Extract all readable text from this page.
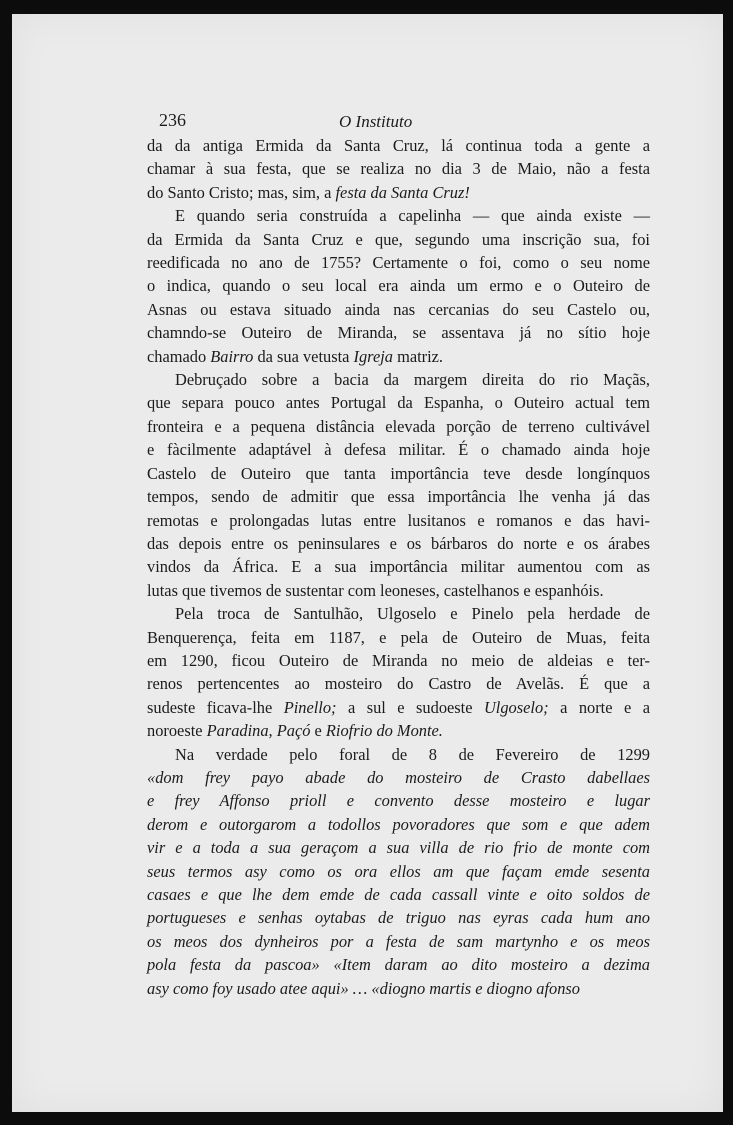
236	O Instituto

da da antiga Ermida da Santa Cruz, lá continua toda a gente a

chamar à sua festa, que se realiza no dia 3 de Maio, não a festa

do Santo Cristo; mas, sim, a festa da Santa Cruz!

E quando seria construída a capelinha — que ainda existe —

da Ermida da Santa Cruz e que, segundo uma inscrição sua, foi

reedificada no ano de 1755? Certamente o foi, como o seu nome

o indica, quando o seu local era ainda um ermo e o Outeiro de

Asnas ou estava situado ainda nas cercanias do seu Castelo ou,

chamndo-se Outeiro de Miranda, se assentava já no sítio hoje

chamado Bairro da sua vetusta Igreja matriz.

Debruçado sobre a bacia da margem direita do rio Maçãs,

que separa pouco antes Portugal da Espanha, o Outeiro actual tem

fronteira e a pequena distância elevada porção de terreno cultivável

e fàcilmente adaptável à defesa militar. É o chamado ainda hoje

Castelo de Outeiro que tanta importância teve desde longínquos

tempos, sendo de admitir que essa importância lhe venha já das

remotas e prolongadas lutas entre lusitanos e romanos e das havi-

das depois entre os peninsulares e os bárbaros do norte e os árabes

vindos da África. E a sua importância militar aumentou com as

lutas que tivemos de sustentar com leoneses, castelhanos e espanhóis.

Pela troca de Santulhão, Ulgoselo e Pinelo pela herdade de

Benquerença, feita em 1187, e pela de Outeiro de Muas, feita

em 1290, ficou Outeiro de Miranda no meio de aldeias e ter-

renos pertencentes ao mosteiro do Castro de Avelãs. É que a

sudeste ficava-lhe Pinello; a sul e sudoeste Ulgoselo; a norte e a

noroeste Paradina, Paçó e Riofrio do Monte.

Na verdade pelo foral de 8 de Fevereiro de 1299

«dom frey payo abade do mosteiro de Crasto dabellaes

e frey Affonso prioll e convento desse mosteiro e lugar

derom e outorgarom a todollos povoradores que som e que adem

vir e a toda a sua geraçom a sua villa de rio frio de monte com

seus termos asy como os ora ellos am que façam emde sesenta

casaes e que lhe dem emde de cada cassall vinte e oito soldos de

portugueses e senhas oytabas de triguo nas eyras cada hum ano

os meos dos dynheiros por a festa de sam martynho e os meos

pola festa da pascoa» «Item daram ao dito mosteiro a dezima

asy como foy usado atee aqui» … «diogno martis e diogno afonso
